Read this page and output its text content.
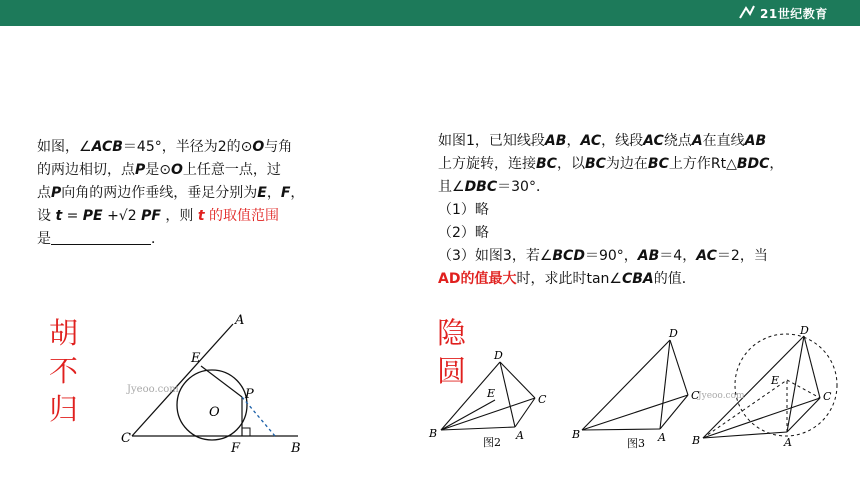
21世纪教育
如图，∠ACB＝45°，半径为2的⊙O与角
的两边相切，点P是⊙O上任意一点，过
点P向角的两边作垂线，垂足分别为E，F，
设 t = PE +√2 PF ，则 t 的取值范围
是	．
如图1，已知线段AB，AC，线段AC绕点A在直线AB
上方旋转，连接BC，以BC为边在BC上方作Rt△BDC，
且∠DBC＝30°．
（1）略
（2）略
（3）如图3，若∠BCD＝90°，AB＝4，AC＝2，当
AD的值最大时，求此时tan∠CBA的值．
胡
不
归
隐
圆
A
B
C
E
F
O
P
Jyeoo.com
D
E	C
B	A
图2
D
C
B	A
图3
D
E
C
B	A
Jyeoo.com
